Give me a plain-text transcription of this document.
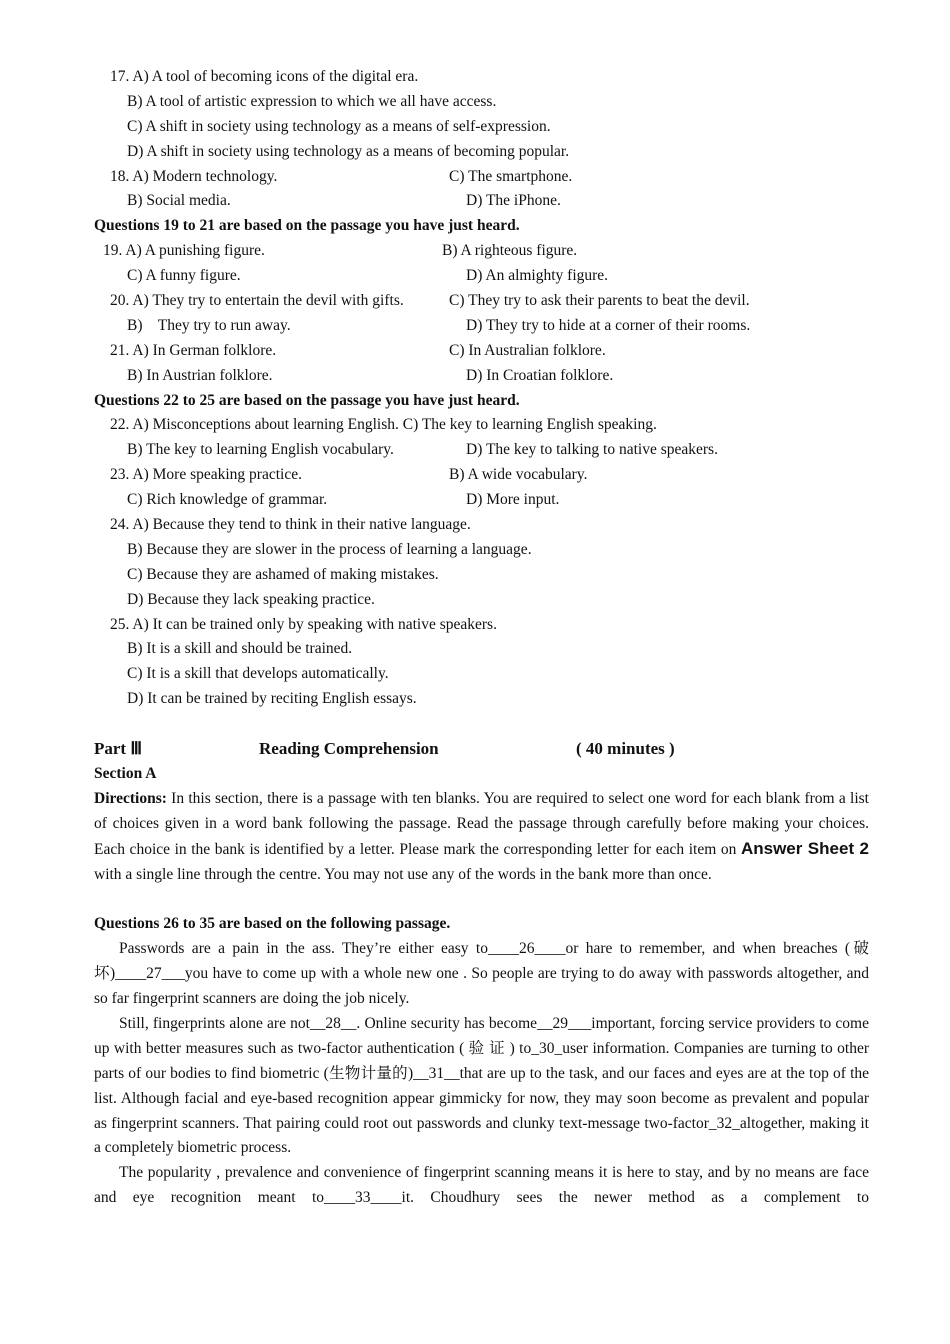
17. A) A tool of becoming icons of the digital era.
B) A tool of artistic expression to which we all have access.
C) A shift in society using technology as a means of self-expression.
D) A shift in society using technology as a means of becoming popular.
18. A) Modern technology.	C) The smartphone.
B) Social media.	D) The iPhone.
Questions 19 to 21 are based on the passage you have just heard.
19. A) A punishing figure.	B) A righteous figure.
C) A funny figure.	D) An almighty figure.
20. A) They try to entertain the devil with gifts.	C) They try to ask their parents to beat the devil.
B)    They try to run away.	D) They try to hide at a corner of their rooms.
21. A) In German folklore.	C) In Australian folklore.
B) In Austrian folklore.	D) In Croatian folklore.
Questions 22 to 25 are based on the passage you have just heard.
22. A) Misconceptions about learning English. C) The key to learning English speaking.
B) The key to learning English vocabulary.	D) The key to talking to native speakers.
23. A) More speaking practice.	B) A wide vocabulary.
C) Rich knowledge of grammar.	D) More input.
24. A) Because they tend to think in their native language.
B) Because they are slower in the process of learning a language.
C) Because they are ashamed of making mistakes.
D) Because they lack speaking practice.
25. A) It can be trained only by speaking with native speakers.
B) It is a skill and should be trained.
C) It is a skill that develops automatically.
D) It can be trained by reciting English essays.
Part Ⅲ	Reading Comprehension	( 40 minutes )
Section A
Directions: In this section, there is a passage with ten blanks. You are required to select one word for each blank from a list of choices given in a word bank following the passage. Read the passage through carefully before making your choices. Each choice in the bank is identified by a letter. Please mark the corresponding letter for each item on Answer Sheet 2 with a single line through the centre. You may not use any of the words in the bank more than once.
Questions 26 to 35 are based on the following passage.
Passwords are a pain in the ass. They’re either easy to____26____or hare to remember, and when breaches (破坏)____27___you have to come up with a whole new one . So people are trying to do away with passwords altogether, and so far fingerprint scanners are doing the job nicely.
Still, fingerprints alone are not__28__. Online security has become__29___important, forcing service providers to come up with better measures such as two-factor authentication ( 验 证 ) to_30_user information. Companies are turning to other parts of our bodies to find biometric (生物计量的)__31__that are up to the task, and our faces and eyes are at the top of the list. Although facial and eye-based recognition appear gimmicky for now, they may soon become as prevalent and popular as fingerprint scanners. That pairing could root out passwords and clunky text-message two-factor_32_altogether, making it a completely biometric process.
The popularity , prevalence and convenience of fingerprint scanning means it is here to stay, and by no means are face and eye recognition meant to____33____it. Choudhury sees the newer method as a complement to
